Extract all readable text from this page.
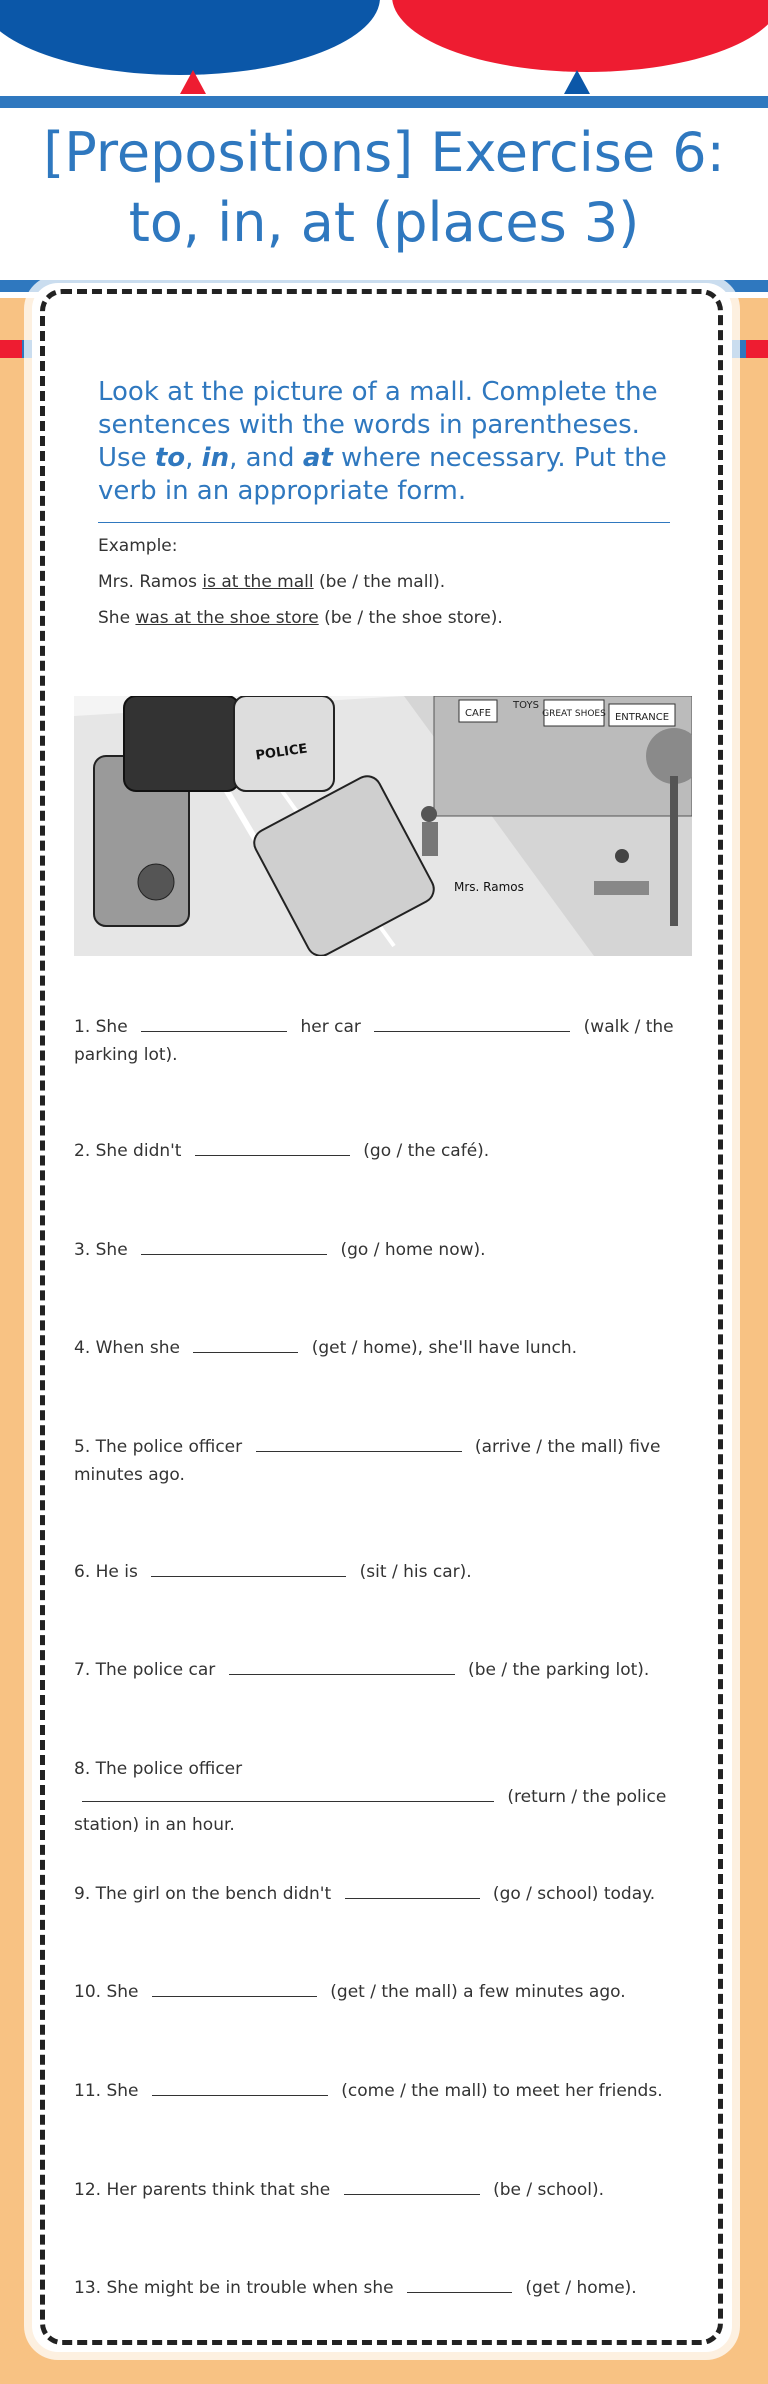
[Prepositions] Exercise 6: to, in, at (places 3)

Look at the picture of a mall. Complete the sentences with the words in parentheses. Use to, in, and at where necessary. Put the verb in an appropriate form.

Example:
Mrs. Ramos is at the mall (be / the mall).
She was at the shoe store (be / the shoe store).
CAFE
TOYS
GREAT SHOES ENTRANCE
POLICE
Mrs. Ramos
1. She	her car	(walk / the parking lot).
2. She didn't	(go / the café).
3. She	(go / home now).
4. When she	(get / home), she'll have lunch.
5. The police officer	(arrive / the mall) five minutes ago.
6. He is	(sit / his car).
7. The police car	(be / the parking lot).
8. The police officer  (return / the police station) in an hour.
9. The girl on the bench didn't	(go / school) today.
10. She	(get / the mall) a few minutes ago.
11. She	(come / the mall) to meet her friends.
12. Her parents think that she	(be / school).
13. She might be in trouble when she	(get / home).
